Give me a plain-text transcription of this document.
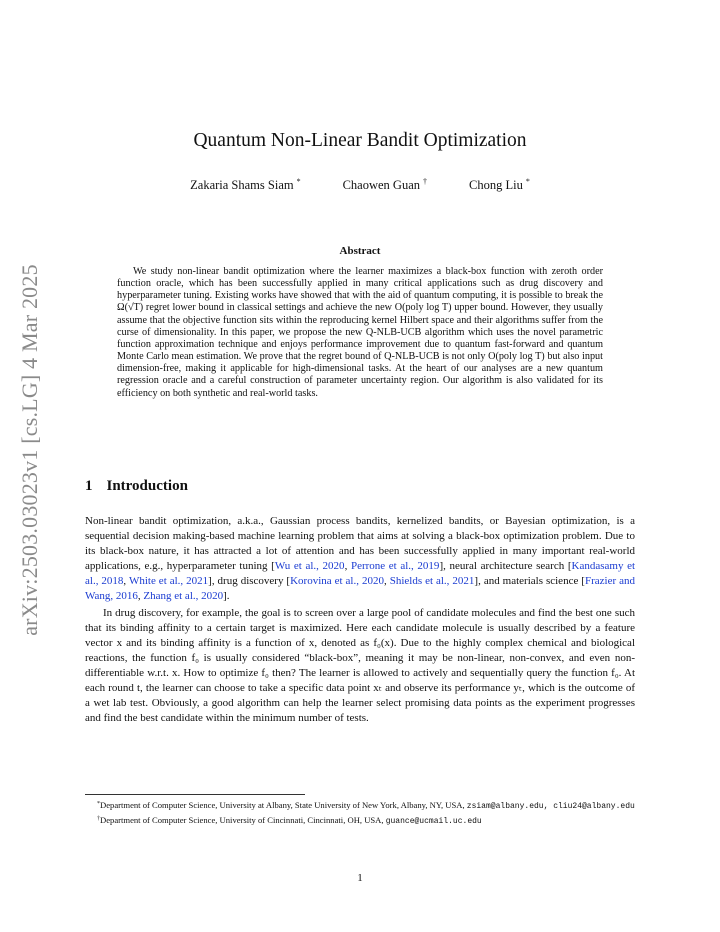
arXiv:2503.03023v1 [cs.LG] 4 Mar 2025
Quantum Non-Linear Bandit Optimization
Zakaria Shams Siam *	Chaowen Guan †	Chong Liu *
Abstract
We study non-linear bandit optimization where the learner maximizes a black-box function with zeroth order function oracle, which has been successfully applied in many critical applications such as drug discovery and hyperparameter tuning. Existing works have showed that with the aid of quantum computing, it is possible to break the Ω(√T) regret lower bound in classical settings and achieve the new O(poly log T) upper bound. However, they usually assume that the objective function sits within the reproducing kernel Hilbert space and their algorithms suffer from the curse of dimensionality. In this paper, we propose the new Q-NLB-UCB algorithm which uses the novel parametric function approximation technique and enjoys performance improvement due to quantum fast-forward and quantum Monte Carlo mean estimation. We prove that the regret bound of Q-NLB-UCB is not only O(poly log T) but also input dimension-free, making it applicable for high-dimensional tasks. At the heart of our analyses are a new quantum regression oracle and a careful construction of parameter uncertainty region. Our algorithm is also validated for its efficiency on both synthetic and real-world tasks.
1 Introduction

Non-linear bandit optimization, a.k.a., Gaussian process bandits, kernelized bandits, or Bayesian optimization, is a sequential decision making-based machine learning problem that aims at solving a black-box optimization problem. Due to its black-box nature, it has attracted a lot of attention and has been successfully applied in many important real-world applications, e.g., hyperparameter tuning [Wu et al., 2020, Perrone et al., 2019], neural architecture search [Kandasamy et al., 2018, White et al., 2021], drug discovery [Korovina et al., 2020, Shields et al., 2021], and materials science [Frazier and Wang, 2016, Zhang et al., 2020].

In drug discovery, for example, the goal is to screen over a large pool of candidate molecules and find the best one such that its binding affinity to a certain target is maximized. Here each candidate molecule is usually described by a feature vector x and its binding affinity is a function of x, denoted as f₀(x). Due to the highly complex chemical and biological reactions, the function f₀ is usually considered “black-box”, meaning it may be non-linear, non-convex, and even non-differentiable w.r.t. x. How to optimize f₀ then? The learner is allowed to actively and sequentially query the function f₀. At each round t, the learner can choose to take a specific data point xₜ and observe its performance yₜ, which is the outcome of a wet lab test. Obviously, a good algorithm can help the learner select promising data points as the experiment progresses and find the best candidate within the minimum number of tests.

*Department of Computer Science, University at Albany, State University of New York, Albany, NY, USA, zsiam@albany.edu, cliu24@albany.edu

†Department of Computer Science, University of Cincinnati, Cincinnati, OH, USA, guance@ucmail.uc.edu

1
